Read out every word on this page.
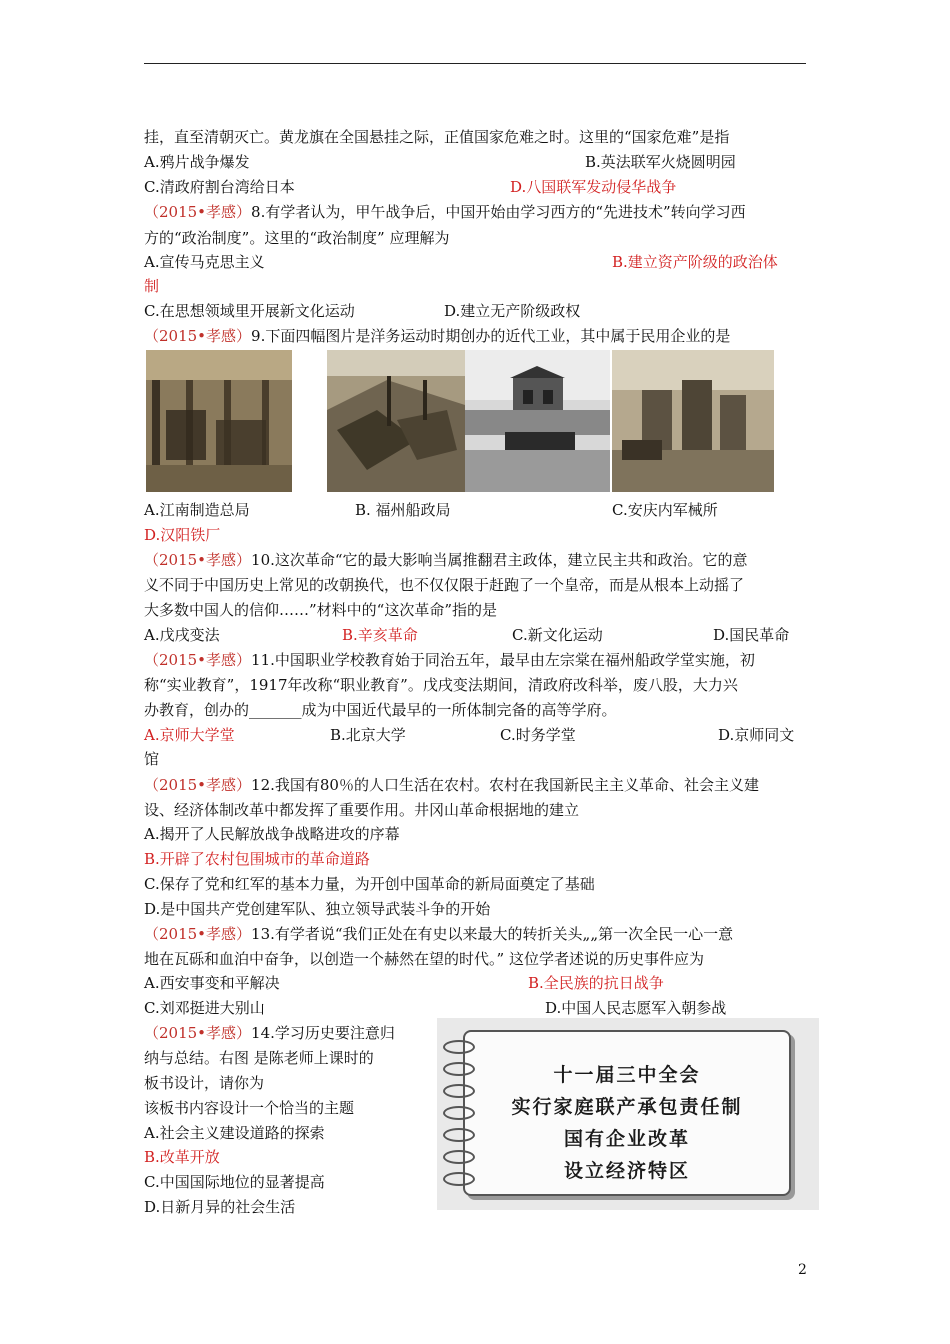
挂，直至清朝灭亡。黄龙旗在全国悬挂之际，正值国家危难之时。这里的“国家危难”是指
A.鸦片战争爆发	B.英法联军火烧圆明园
C.清政府割台湾给日本	D.八国联军发动侵华战争
（2015•孝感）8.有学者认为，甲午战争后，中国开始由学习西方的“先进技术”转向学习西
方的“政治制度”。这里的“政治制度” 应理解为
A.宣传马克思主义	B.建立资产阶级的政治体
制
C.在思想领域里开展新文化运动	D.建立无产阶级政权
（2015•孝感）9.下面四幅图片是洋务运动时期创办的近代工业，其中属于民用企业的是
A.江南制造总局	B. 福州船政局	C.安庆内军械所
D.汉阳铁厂
（2015•孝感）10.这次革命“它的最大影响当属推翻君主政体，建立民主共和政治。它的意
义不同于中国历史上常见的改朝换代，也不仅仅限于赶跑了一个皇帝，而是从根本上动摇了
大多数中国人的信仰……”材料中的“这次革命”指的是
A.戊戌变法	B.辛亥革命	C.新文化运动	D.国民革命
（2015•孝感）11.中国职业学校教育始于同治五年，最早由左宗棠在福州船政学堂实施，初
称“实业教育”，1917年改称“职业教育”。戊戌变法期间，清政府改科举，废八股，大力兴
办教育，创办的_______成为中国近代最早的一所体制完备的高等学府。
A.京师大学堂	B.北京大学	C.时务学堂	D.京师同文
馆
（2015•孝感）12.我国有80％的人口生活在农村。农村在我国新民主主义革命、社会主义建
设、经济体制改革中都发挥了重要作用。井冈山革命根据地的建立
A.揭开了人民解放战争战略进攻的序幕
B.开辟了农村包围城市的革命道路
C.保存了党和红军的基本力量，为开创中国革命的新局面奠定了基础
D.是中国共产党创建军队、独立领导武装斗争的开始
（2015•孝感）13.有学者说“我们正处在有史以来最大的转折关头„„第一次全民一心一意
地在瓦砾和血泊中奋争，以创造一个赫然在望的时代。” 这位学者述说的历史事件应为
A.西安事变和平解决	B.全民族的抗日战争
C.刘邓挺进大别山	D.中国人民志愿军入朝参战
（2015•孝感）14.学习历史要注意归
纳与总结。右图 是陈老师上课时的
板书设计，请你为
该板书内容设计一个恰当的主题
A.社会主义建设道路的探索
B.改革开放
C.中国国际地位的显著提高
D.日新月异的社会生活
十一届三中全会
实行家庭联产承包责任制
国有企业改革
设立经济特区
2
